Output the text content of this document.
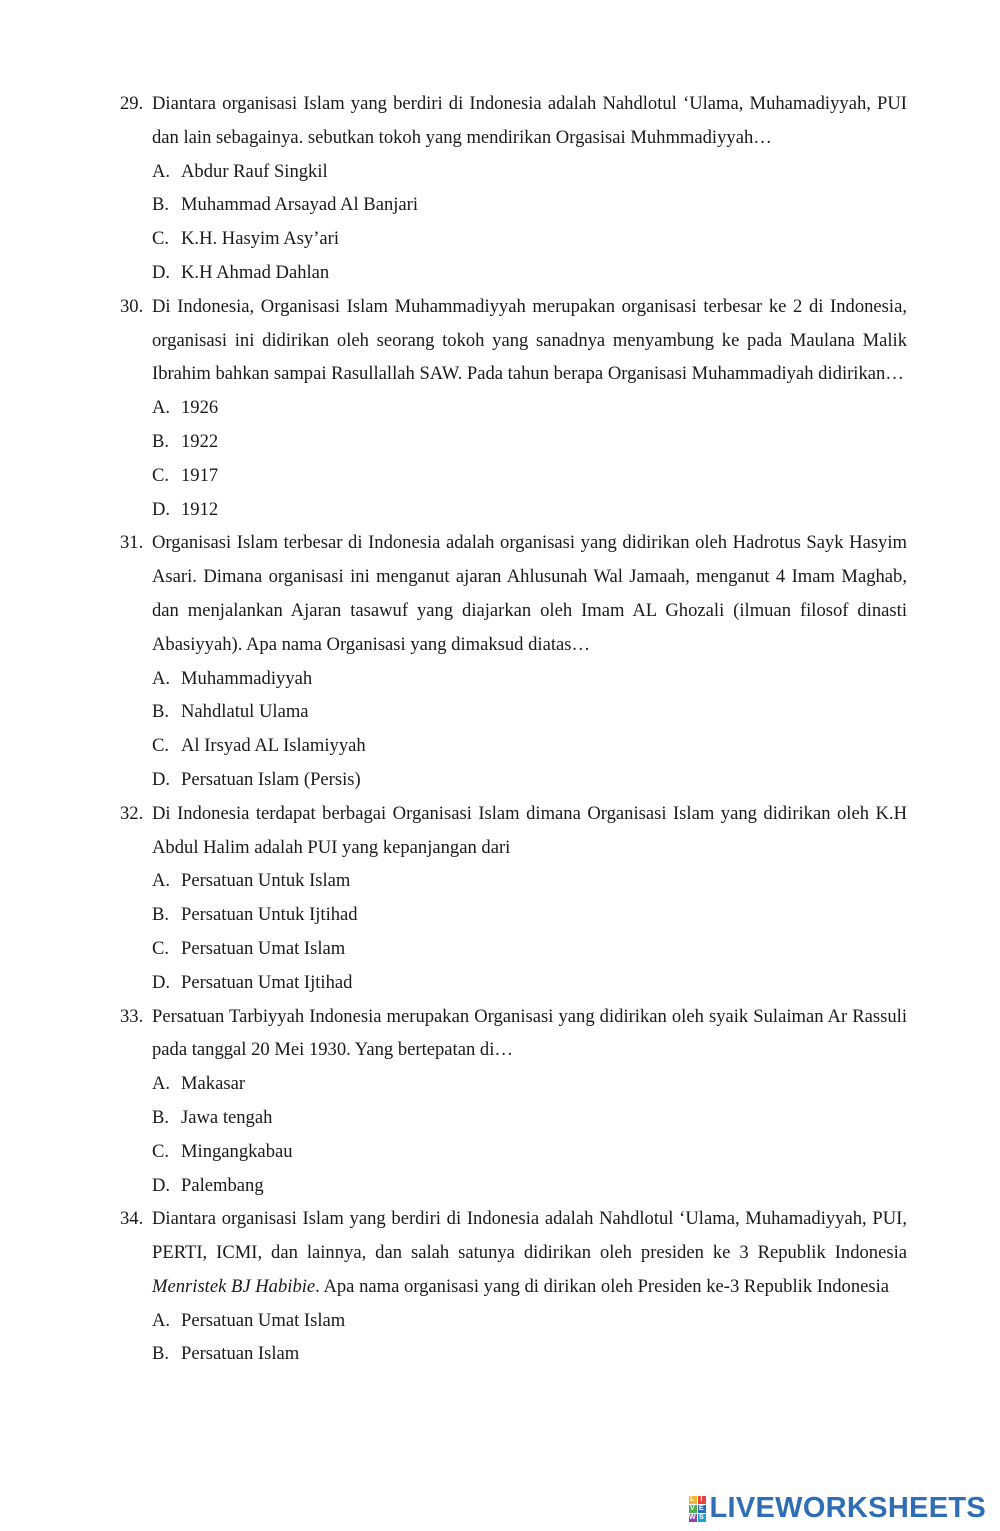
29. Diantara organisasi Islam yang berdiri di Indonesia adalah Nahdlotul ‘Ulama, Muhamadiyyah, PUI dan lain sebagainya. sebutkan tokoh yang mendirikan Orgasisai Muhmmadiyyah…
A. Abdur Rauf Singkil
B. Muhammad Arsayad Al Banjari
C. K.H. Hasyim Asy’ari
D. K.H Ahmad Dahlan
30. Di Indonesia, Organisasi Islam Muhammadiyyah merupakan organisasi terbesar ke 2 di Indonesia, organisasi ini didirikan oleh seorang tokoh yang sanadnya menyambung ke pada Maulana Malik Ibrahim bahkan sampai Rasullallah SAW. Pada tahun berapa Organisasi Muhammadiyah didirikan…
A. 1926
B. 1922
C. 1917
D. 1912
31. Organisasi Islam terbesar di Indonesia adalah organisasi yang didirikan oleh Hadrotus Sayk Hasyim Asari. Dimana organisasi ini menganut ajaran Ahlusunah Wal Jamaah, menganut 4 Imam Maghab, dan menjalankan Ajaran tasawuf yang diajarkan oleh Imam AL Ghozali (ilmuan filosof dinasti Abasiyyah). Apa nama Organisasi yang dimaksud diatas…
A. Muhammadiyyah
B. Nahdlatul Ulama
C. Al Irsyad AL Islamiyyah
D. Persatuan Islam (Persis)
32. Di Indonesia terdapat berbagai Organisasi Islam dimana Organisasi Islam yang didirikan oleh K.H Abdul Halim adalah PUI yang kepanjangan dari
A. Persatuan Untuk Islam
B. Persatuan Untuk Ijtihad
C. Persatuan Umat Islam
D. Persatuan Umat Ijtihad
33. Persatuan Tarbiyyah Indonesia merupakan Organisasi yang didirikan oleh syaik Sulaiman Ar Rassuli pada tanggal 20 Mei 1930. Yang bertepatan di…
A. Makasar
B. Jawa tengah
C. Mingangkabau
D. Palembang
34. Diantara organisasi Islam yang berdiri di Indonesia adalah Nahdlotul ‘Ulama, Muhamadiyyah, PUI, PERTI, ICMI, dan lainnya, dan salah satunya didirikan oleh presiden ke 3 Republik Indonesia Menristek BJ Habibie. Apa nama organisasi yang di dirikan oleh Presiden ke-3 Republik Indonesia
A. Persatuan Umat Islam
B. Persatuan Islam
L I
V E
W S LIVEWORKSHEETS
